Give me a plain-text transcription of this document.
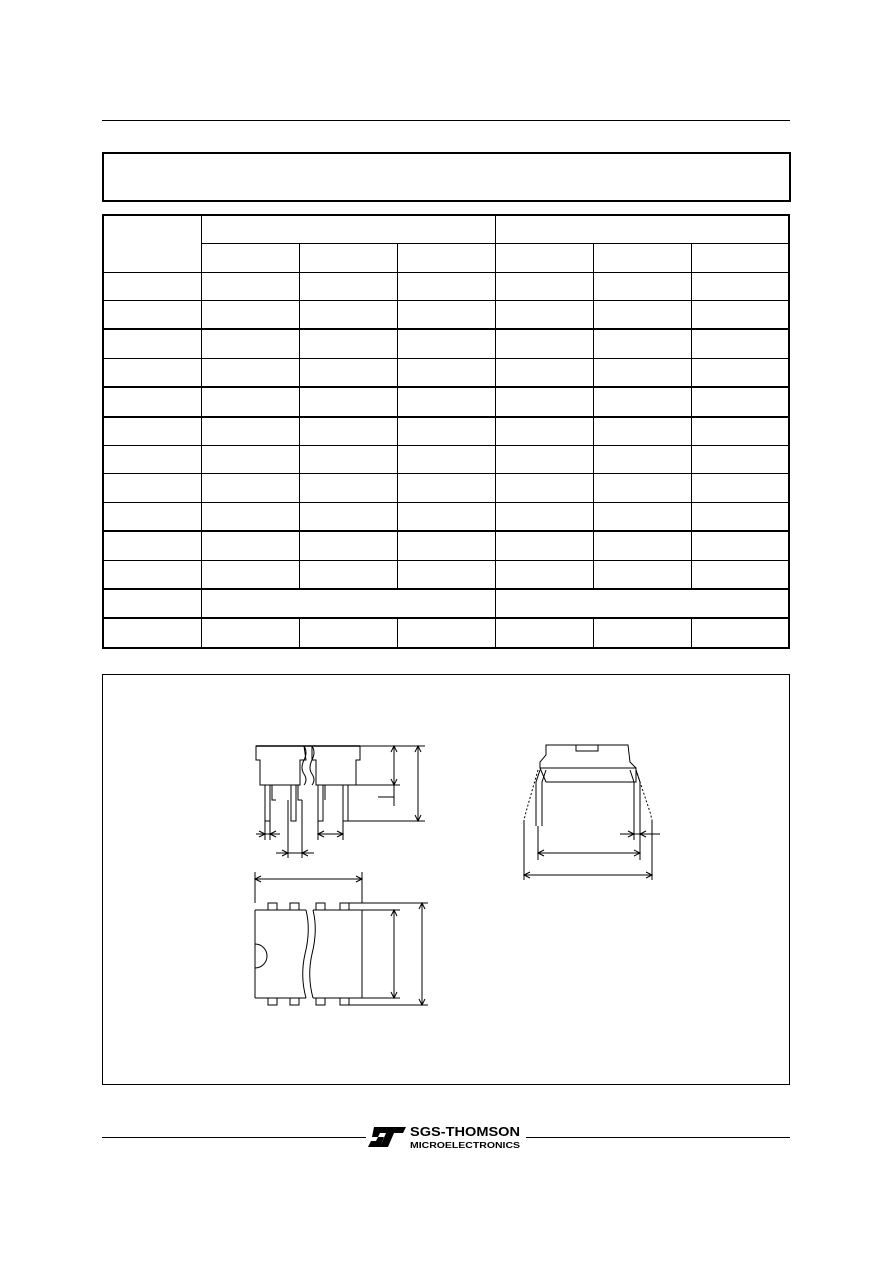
SGS-THOMSON
MICROELECTRONICS
